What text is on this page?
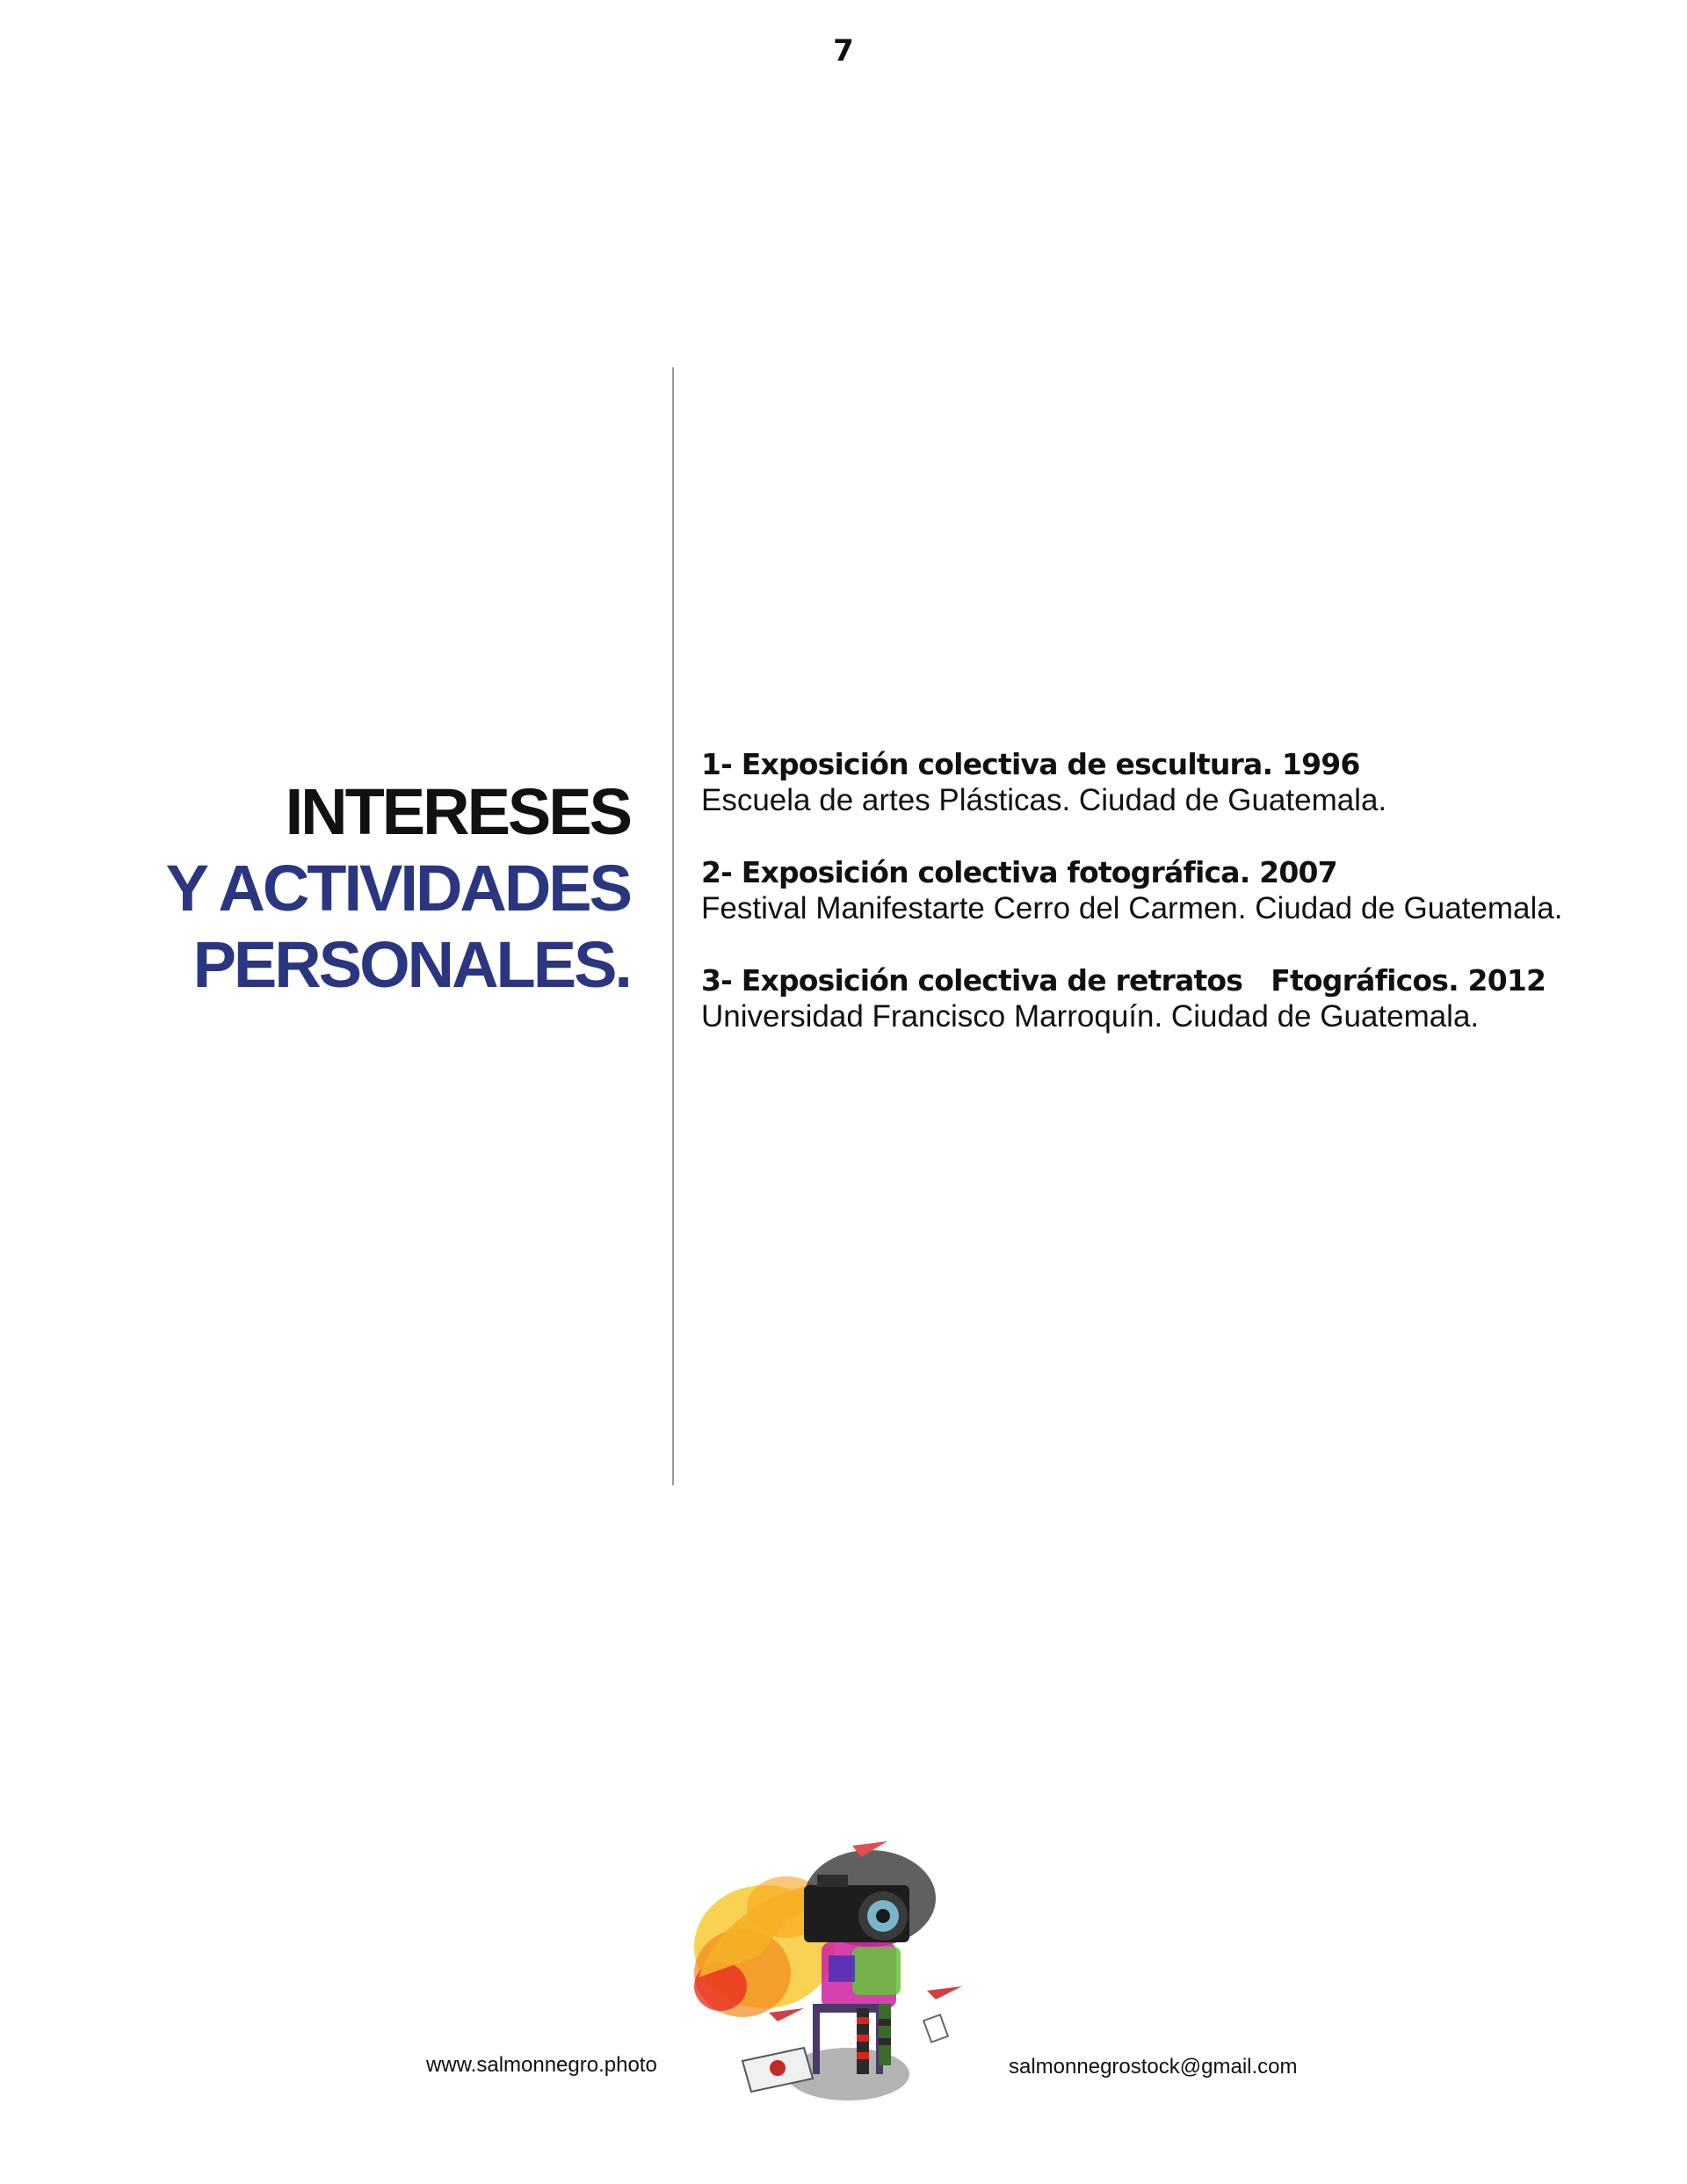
7
INTERESES
Y ACTIVIDADES
PERSONALES.
1- Exposición colectiva de escultura. 1996
Escuela de artes Plásticas. Ciudad de Guatemala.
2- Exposición colectiva fotográfica. 2007
Festival Manifestarte Cerro del Carmen. Ciudad de Guatemala.
3- Exposición colectiva de retratos   Ftográficos. 2012
Universidad Francisco Marroquín. Ciudad de Guatemala.
www.salmonnegro.photo	salmonnegrostock@gmail.com
